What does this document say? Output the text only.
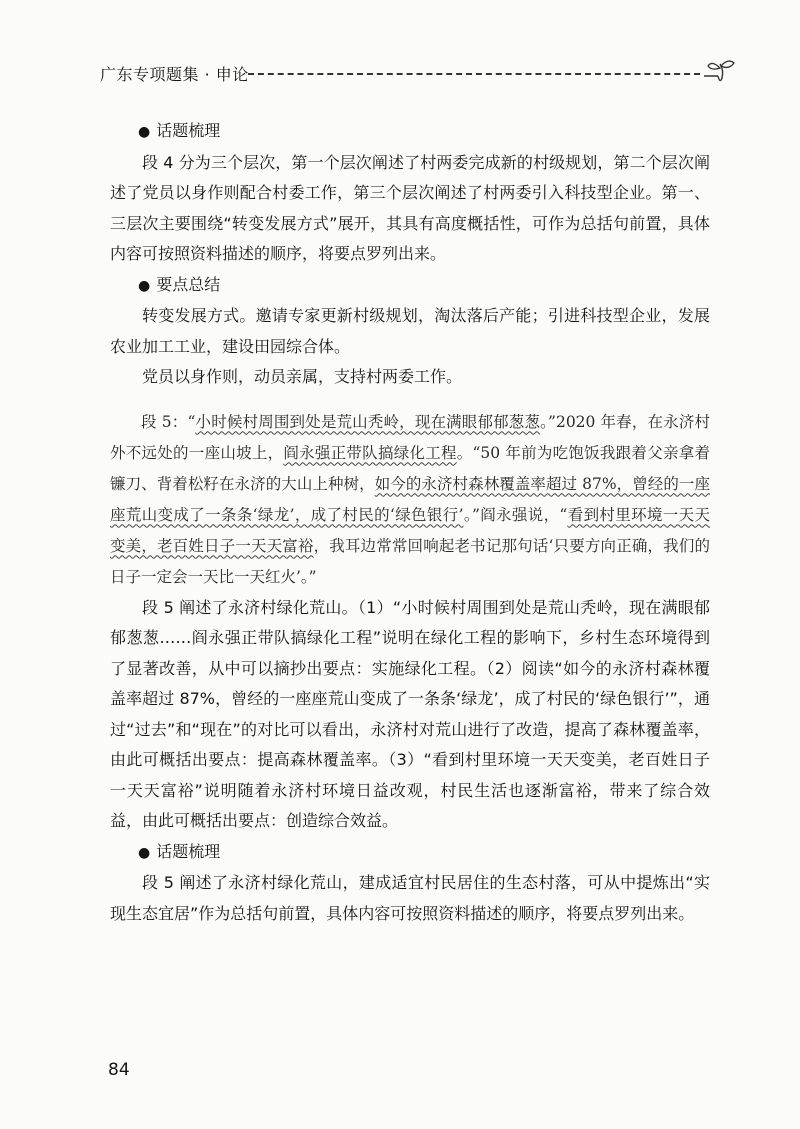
广东专项题集 · 申论

● 话题梳理

段 4 分为三个层次，第一个层次阐述了村两委完成新的村级规划，第二个层次阐述了党员以身作则配合村委工作，第三个层次阐述了村两委引入科技型企业。第一、三层次主要围绕“转变发展方式”展开，其具有高度概括性，可作为总括句前置，具体内容可按照资料描述的顺序，将要点罗列出来。

● 要点总结

转变发展方式。邀请专家更新村级规划，淘汰落后产能；引进科技型企业，发展农业加工工业，建设田园综合体。

党员以身作则，动员亲属，支持村两委工作。

段 5：“小时候村周围到处是荒山秃岭，现在满眼郁郁葱葱。”2020 年春，在永济村外不远处的一座山坡上，阎永强正带队搞绿化工程。“50 年前为吃饱饭我跟着父亲拿着镰刀、背着松籽在永济的大山上种树，如今的永济村森林覆盖率超过 87%，曾经的一座座荒山变成了一条条‘绿龙’，成了村民的‘绿色银行’。”阎永强说，“看到村里环境一天天变美，老百姓日子一天天富裕，我耳边常常回响起老书记那句话‘只要方向正确，我们的日子一定会一天比一天红火’。”

段 5 阐述了永济村绿化荒山。（1）“小时候村周围到处是荒山秃岭，现在满眼郁郁葱葱……阎永强正带队搞绿化工程”说明在绿化工程的影响下，乡村生态环境得到了显著改善，从中可以摘抄出要点：实施绿化工程。（2）阅读“如今的永济村森林覆盖率超过 87%，曾经的一座座荒山变成了一条条‘绿龙’，成了村民的‘绿色银行’”，通过“过去”和“现在”的对比可以看出，永济村对荒山进行了改造，提高了森林覆盖率，由此可概括出要点：提高森林覆盖率。（3）“看到村里环境一天天变美，老百姓日子一天天富裕”说明随着永济村环境日益改观，村民生活也逐渐富裕，带来了综合效益，由此可概括出要点：创造综合效益。

● 话题梳理

段 5 阐述了永济村绿化荒山，建成适宜村民居住的生态村落，可从中提炼出“实现生态宜居”作为总括句前置，具体内容可按照资料描述的顺序，将要点罗列出来。

84
